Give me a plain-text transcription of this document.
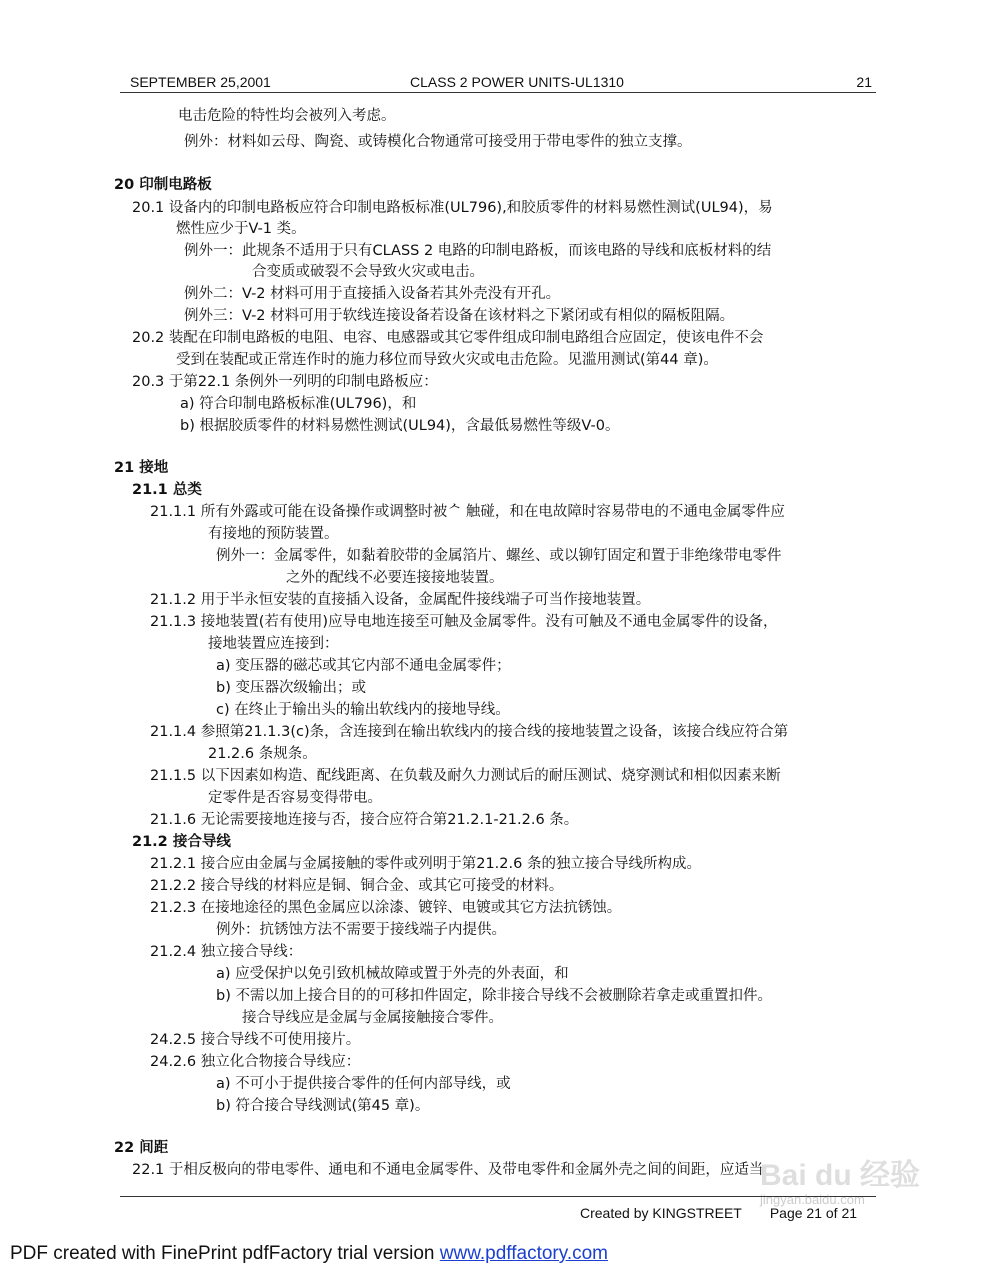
SEPTEMBER 25,2001	CLASS 2 POWER UNITS-UL1310	21
电击危险的特性均会被列入考虑。
例外：材料如云母、陶瓷、或铸模化合物通常可接受用于带电零件的独立支撑。
20 印制电路板
20.1 设备内的印制电路板应符合印制电路板标准(UL796),和胶质零件的材料易燃性测试(UL94)，易
燃性应少于V-1 类。
例外一：此规条不适用于只有CLASS 2 电路的印制电路板，而该电路的导线和底板材料的结
合变质或破裂不会导致火灾或电击。
例外二：V-2 材料可用于直接插入设备若其外壳没有开孔。
例外三：V-2 材料可用于软线连接设备若设备在该材料之下紧闭或有相似的隔板阻隔。
20.2 装配在印制电路板的电阻、电容、电感器或其它零件组成印制电路组合应固定，使该电件不会
受到在装配或正常连作时的施力移位而导致火灾或电击危险。见滥用测试(第44 章)。
20.3 于第22.1 条例外一列明的印制电路板应：
a) 符合印制电路板标准(UL796)，和
b) 根据胶质零件的材料易燃性测试(UL94)，含最低易燃性等级V-0。
21 接地
21.1 总类
21.1.1 所有外露或可能在设备操作或调整时被ᄉ 触碰，和在电故障时容易带电的不通电金属零件应
有接地的预防装置。
例外一：金属零件，如黏着胶带的金属箔片、螺丝、或以铆钉固定和置于非绝缘带电零件
之外的配线不必要连接接地装置。
21.1.2 用于半永恒安装的直接插入设备，金属配件接线端子可当作接地装置。
21.1.3 接地装置(若有使用)应导电地连接至可触及金属零件。没有可触及不通电金属零件的设备，
接地装置应连接到：
a) 变压器的磁芯或其它内部不通电金属零件；
b) 变压器次级输出；或
c) 在终止于输出头的输出软线内的接地导线。
21.1.4 参照第21.1.3(c)条，含连接到在输出软线内的接合线的接地装置之设备，该接合线应符合第
21.2.6 条规条。
21.1.5 以下因素如构造、配线距离、在负载及耐久力测试后的耐压测试、烧穿测试和相似因素来断
定零件是否容易变得带电。
21.1.6 无论需要接地连接与否，接合应符合第21.2.1-21.2.6 条。
21.2 接合导线
21.2.1 接合应由金属与金属接触的零件或列明于第21.2.6 条的独立接合导线所构成。
21.2.2 接合导线的材料应是铜、铜合金、或其它可接受的材料。
21.2.3 在接地途径的黑色金属应以涂漆、镀锌、电镀或其它方法抗锈蚀。
例外：抗锈蚀方法不需要于接线端子内提供。
21.2.4 独立接合导线：
a) 应受保护以免引致机械故障或置于外壳的外表面，和
b) 不需以加上接合目的的可移扣件固定，除非接合导线不会被删除若拿走或重置扣件。
接合导线应是金属与金属接触接合零件。
24.2.5 接合导线不可使用接片。
24.2.6 独立化合物接合导线应：
a) 不可小于提供接合零件的任何内部导线，或
b) 符合接合导线测试(第45 章)。
22 间距
22.1 于相反极向的带电零件、通电和不通电金属零件、及带电零件和金属外壳之间的间距，应适当
Created by KINGSTREET Page 21 of 21
Bai du 经验
jingyan.baidu.com
PDF created with FinePrint pdfFactory trial version www.pdffactory.com
